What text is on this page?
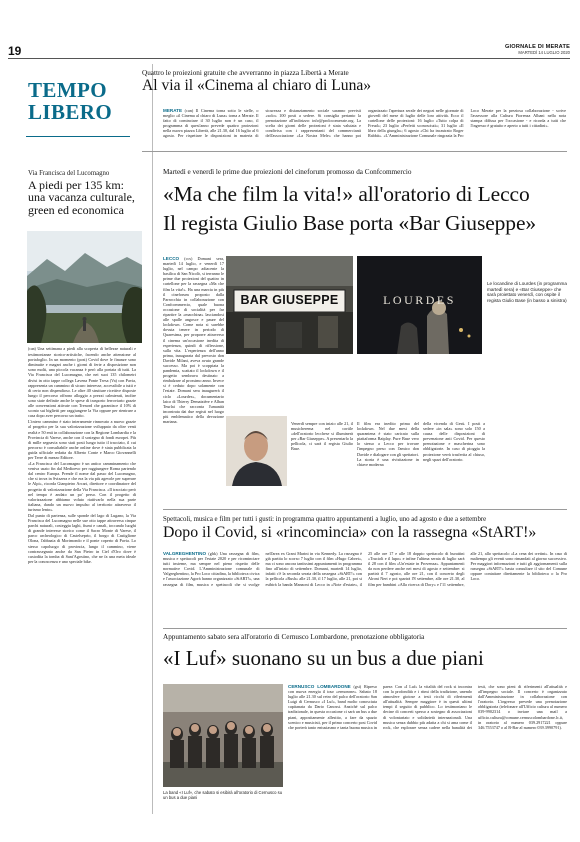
19	GIORNALE DI MERATE
MARTEDÌ 14 LUGLIO 2020
TEMPO
LIBERO
Via Francisca del Lucomagno
A piedi per 135 km: una vacanza culturale, green ed economica

(can) Una settimana a piedi alla scoperta di bellezze naturali e testimonianze storico-artistiche, facendo anche attenzione al portafoglio. In un momento (post) Covid dove le finanze sono diminuite e magari anche i giorni di ferie a disposizione non sono molti, una piccola vacanza è però alla portata di tutti. La Via Francisca del Lucomagno, che nei suoi 135 chilometri divisi in otto tappe collega Lavena Ponte Tresa (Va) con Pavia, rappresenta un cammino di sicuro interesse, accessibile a tutti e di certo non dispendioso. Le oltre 40 strutture ricettive disposte lungo il percorso offrono alloggio a prezzi calmierati, inoltre sono state definite anche le spese di trasporto ferroviario grazie alle convenzioni attivate con Trenord che garantisce il 10% di sconto sui biglietti per raggiungere la Via oppure per rientrare a casa dopo aver percorso un tratto.

L'intero cammino è stato interamente rinnovato a nuovo grazie al progetto per la sua valorizzazione sviluppato da oltre venti realtà e 50 enti in collaborazione con la Regione Lombardia e la Provincia di Varese, anche con il sostegno di fondi europei. Più di mille segnavia sono stati posti lungo tutto il tracciato, il cui percorso è consultabile anche online dove è stata pubblicata la guida ufficiale redatta da Alberto Conte e Marco Giovannelli per Terre di mezzo Editore.

«La Francisca del Lucomagno è un antico camminamento che veniva usato fin dal Medioevo per raggiungere Roma partendo dal centro Europa. Prende il nome dal passo del Lucomagno, che si trova in Svizzera e che era la via più agevole per superare le Alpi», ricorda Gianpietro Arcari, direttore e coordinatore del progetto di valorizzazione della Via Francisca. «Il tracciato però nel tempo è andato un po' perso. Con il progetto di valorizzazione abbiamo voluto riattivarlo nella sua parte italiana, dando un nuovo impulso al territorio attraverso il turismo lento».

Dal punto di partenza, sulle sponde del lago di Lugano, la Via Francisca del Lucomagno nelle sue otto tappe attraversa cinque parchi naturali, costeggia laghi, fiumi e canali, toccando luoghi di grande interesse storico come il Sacro Monte di Varese, il parco archeologico di Castelseprio, il borgo di Castiglione Olona, l'abbazia di Morimondo e il ponte coperto di Pavia. Lo stesso capoluogo di provincia, lungo il cammino, viene contrassegnato anche da San Pietro in Ciel d'Oro dove è custodita la tomba di Sant'Agostino, che ne fa una meta ideale per la conoscenza e uno speciale bike.

Quattro le proiezioni gratuite che avverranno in piazza Libertà a Merate
Al via il «Cinema al chiaro di Luna»
MERATE (can) Il Cinema torna sotto le stelle, o meglio «il Cinema al chiaro di Luna» torna a Merate. Il fatto di cominciare il 30 luglio non è un caso, il programma di quest'anno prevede quattro proiezioni nella nuova piazza Libertà, alle 21.30, dal 16 luglio al 6 agosto. Per rispettare le disposizioni in materia di sicurezza e distanziamento sociale saranno previsti «solo» 100 posti a sedere. Si consiglia pertanto la prenotazione all'indirizzo: info@prolocomerate.org. La scelta dei giorni delle proiezioni è stata valutata e condivisa con i rappresentanti del commercianti dell'associazione «La Nostra Mele» che hanno poi organizzato l'apertura serale dei negozi nelle giornate di giovedì del mese di luglio delle loro attività. Ecco il cartellone delle proiezioni: 16 luglio «Tutto colpa di Freud»; 23 luglio «Perfetti sconosciuti»; 31 luglio «Il libro della giungla»; 6 agosto «Chi ha incastrato Roger Rabbit». «L'Amministrazione Comunale ringrazia la Pro Loco Merate per la preziosa collaborazione - scrive l'assessore alla Cultura Fiorenza Albani nella nota stampa diffusa per l'occasione - e ricorda a tutti che l'ingresso è gratuito e aperto a tutti i cittadini».
Martedì e venerdì le prime due proiezioni del cineforum promosso da Confcommercio
«Ma che film la vita!» all'oratorio di Lecco
Il regista Giulio Base porta «Bar Giuseppe»
LECCO (ccs) Domani sera, martedì 14 luglio, e venerdì 17 luglio, nel campo adiacente la basilica di San Nicolò, si terranno le prime due proiezioni del quattro in cartellone per la rassegna «Ma che film la vita!». Ha una marcia in più il cineforum proposto dalla Parrocchia in collaborazione con Confcommercio, quale buona occasione di socialità per far ripartire la «macchina» lasciandosi alle spalle angosce e paure del lockdown. Come nota si sarebbe dovuta tenere in periodo di Quaresima, per proporre attraverso il cinema un'occasione inedita di esperienza, quindi di riflessione, sulla vita. L'esperienza dell'anno prima, inaugurata dal prevosto don Davide Milani, aveva avuto grande successo. Ma poi è scoppiata la pandemia, scattato il lockdown e il progetto sembrava destinato a rimbalzare al prossimo anno. Invece si è ceduto dopo solamente con l'estate. Domani sera inaugurerà il ciclo «Lourdes», documentario laico di Thierry Demaizière e Alban Teurlai che racconta l'umanità incontrata dai due registi nel luogo più emblematico della devozione mariana.
BAR GIUSEPPE	LOURDES
Le locandine di Lourdes (in programma martedì sera) e «Bar Giuseppe» che sarà proiettato venerdì, con ospite il regista Giulio Base (in basso a sinistra)
Venerdì sempre con inizio alle 21, il musicherema nel cortile «dell'oratorio lecchese si illuminerà per «Bar Giuseppe». A presentarlo la pellicola, ci sarà il regista Giulio Base.
Il film era inedito prima del lockdown. Nel due mesi della quarantena è stato caricato sulla piattaforma Raiplay. Pure Base vero lo stesso a Lecco per trovare l'impegno preso con l'amico don Davide e dialogare con gli spettatori. La storia è una rivisitazione in chiave moderna
della vicenda di Gesù. I posti a sedere «in sala» sono solo 150 a causa delle disposizioni di prevenzione anti Covid. Per questo prenotazione e mascherina sono obbligatorie. In caso di pioggia la proiezione verrà trasferita al chiuso, negli spazi dell'oratorio.
Spettacoli, musica e film per tutti i gusti: in programma quattro appuntamenti a luglio, uno ad agosto e due a settembre
Dopo il Covid, si «rincomincia» con la rassegna «StART!»
VALGREGHENTINO (ghk) Una rassegna di film, musica e spettacoli per l'estate 2020 e per ricominciare tutti insieme, ma sempre nel pieno rispetto delle normative Covid. L'Amministrazione comunale di Valgreghentino, la Pro Loco cittadina, la biblioteca civica e l'associazione Agorà hanno organizzato «StART!», una rassegna di film, musica e spettacoli che si svolge nell'area ex Grani Marini in via Kennedy. La rassegna è già partita lo scorso 7 luglio con il film «Hugo Cabret», ma ci sono ancora tantissimi appuntamenti in programma fino all'inizio di settembre. Domani, martedì 14 luglio, infatti c'è la seconda serata della rassegna «StART!» con la pellicola «Rush» alle 21.30, il 17 luglio, alle 21, poi si esibirà la banda Manzoni di Lecco in «Note d'estate», il 25 alle ore 17 e alle 18 doppio spettacolo di burattini «Trucioli e il lupo» e infine l'ultima serata di luglio sarà il 28 con il film «Un'estate in Provenza». Appuntamenti da non perdere anche nei mesi di agosto e settembre: si partirà il 7 agosto, alle ore 21, con il concerto degli Alroni Nert e poi sparirà l'8 settembre, alle ore 21.30, al film per bambini «Alla ricerca di Dory» e l'11 settembre, alle 21, allo spettacolo «La cena dei cretini». In caso di maltempo gli eventi sono rimandati al giorno successivo. Per maggiori informazioni e tutti gli aggiornamenti sulla rassegna «StART!» basta consultare il sito del Comune oppure contattare direttamente la biblioteca o la Pro Loco.
Appuntamento sabato sera all'oratorio di Cernusco Lombardone, prenotazione obbligatoria
«I Luf» suonano su un bus a due piani
La band «I Luf», che sabato si esibirà all'oratorio di Cernusco su un bus a due piani
CERNUSCO LOMBARDONE (gsi) Ripreso con nuova energia il tour «ermorone». Sabato 18 luglio alle 21.30 sul retro del palco dell'oratorio San Luigi di Cernusco «I Luf», band molto conosciuta capitanata da Dario Canossi. Anziché sul palco tradizionale, in questa occasione ci sarà un bus a due piani, appositamente allestito, a fare da spazio scenico e musicisti, per il primo concerto post Covid che porterà tanto entusiasmo e tanta buona musica in paese. Con «I Luf» la vitalità del rock si incontra con la profondità e i ritmi della tradizione, unendo atmosfere gioiose a testi ricchi di riferimenti all'attualità. Sempre maggiore è in questi ultimi tempi il seguito di pubblico. Lo testimoniano le decine di concerti spesso a sostegno di associazioni di volontariato e solidarietà internazionali. Una musica senza dubbio più adatta a chi si ama come il rock, che esplorare senza cadere nella banalità dei testi, che sono pieni di riferimenti all'attualità e all'impegno sociale. Il concerto è organizzato dall'Amministrazione in collaborazione con l'oratorio. L'ingresso prevede una prenotazione obbligatoria (telefonare all'Ufficio cultura al numero 039-9902314 o inviare una mail a ufficio.cultura@comune.cernuscolombardone.lc.it, in oratorio al numero 039.2917221 oppure 346.7553747 o al B-Bar al numero 039.3990791).
